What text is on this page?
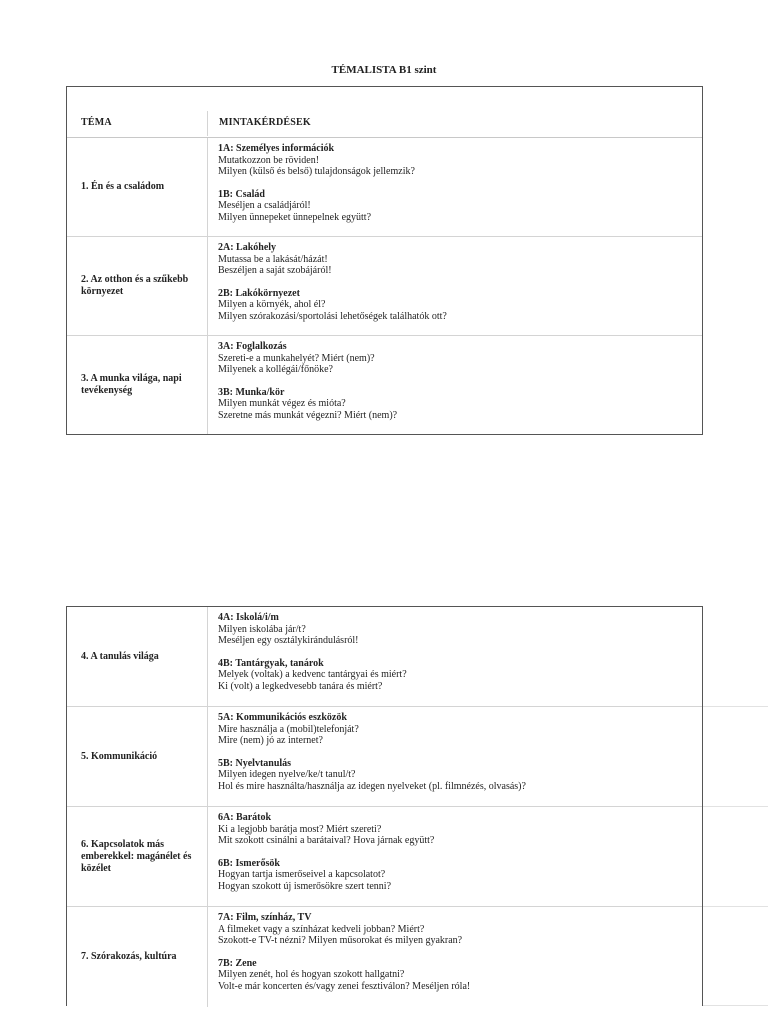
TÉMALISTA B1 szint
TÉMA	MINTAKÉRDÉSEK
1. Én és a családom
1A: Személyes információk
Mutatkozzon be röviden!
Milyen (külső és belső) tulajdonságok jellemzik?
1B: Család
Meséljen a családjáról!
Milyen ünnepeket ünnepelnek együtt?
2. Az otthon és a szűkebb környezet
2A: Lakóhely
Mutassa be a lakását/házát!
Beszéljen a saját szobájáról!
2B: Lakókörnyezet
Milyen a környék, ahol él?
Milyen szórakozási/sportolási lehetőségek találhatók ott?
3. A munka világa, napi tevékenység
3A: Foglalkozás
Szereti-e a munkahelyét? Miért (nem)?
Milyenek a kollégái/főnöke?
3B: Munka/kör
Milyen munkát végez és mióta?
Szeretne más munkát végezni? Miért (nem)?
4. A tanulás világa
4A: Iskolá/i/m
Milyen iskolába jár/t?
Meséljen egy osztálykirándulásról!
4B: Tantárgyak, tanárok
Melyek (voltak) a kedvenc tantárgyai és miért?
Ki (volt) a legkedvesebb tanára és miért?
5. Kommunikáció
5A: Kommunikációs eszközök
Mire használja a (mobil)telefonját?
Mire (nem) jó az internet?
5B: Nyelvtanulás
Milyen idegen nyelve/ke/t tanul/t?
Hol és mire használta/használja az idegen nyelveket (pl. filmnézés, olvasás)?
6. Kapcsolatok más emberekkel: magánélet és közélet
6A: Barátok
Ki a legjobb barátja most? Miért szereti?
Mit szokott csinálni a barátaival? Hova járnak együtt?
6B: Ismerősök
Hogyan tartja ismerőseivel a kapcsolatot?
Hogyan szokott új ismerősökre szert tenni?
7. Szórakozás, kultúra
7A: Film, színház, TV
A filmeket vagy a színházat kedveli jobban? Miért?
Szokott-e TV-t nézni? Milyen műsorokat és milyen gyakran?
7B: Zene
Milyen zenét, hol és hogyan szokott hallgatni?
Volt-e már koncerten és/vagy zenei fesztiválon? Meséljen róla!
